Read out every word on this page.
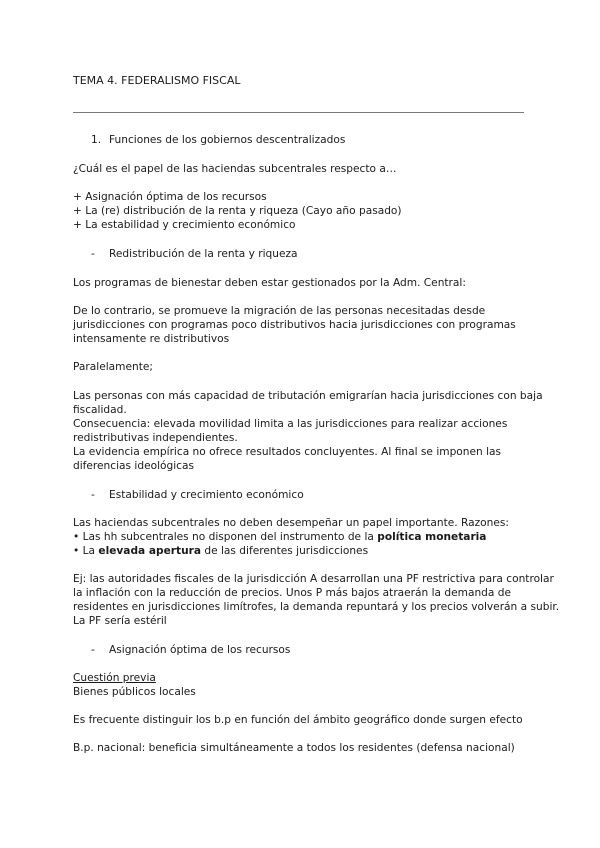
TEMA 4. FEDERALISMO FISCAL
1. Funciones de los gobiernos descentralizados
¿Cuál es el papel de las haciendas subcentrales respecto a…
+ Asignación óptima de los recursos
+ La (re) distribución de la renta y riqueza (Cayo año pasado)
+ La estabilidad y crecimiento económico
- Redistribución de la renta y riqueza
Los programas de bienestar deben estar gestionados por la Adm. Central:
De lo contrario, se promueve la migración de las personas necesitadas desde
jurisdicciones con programas poco distributivos hacia jurisdicciones con programas
intensamente re distributivos
Paralelamente;
Las personas con más capacidad de tributación emigrarían hacia jurisdicciones con baja
fiscalidad.
Consecuencia: elevada movilidad limita a las jurisdicciones para realizar acciones
redistributivas independientes.
La evidencia empírica no ofrece resultados concluyentes. Al final se imponen las
diferencias ideológicas
- Estabilidad y crecimiento económico
Las haciendas subcentrales no deben desempeñar un papel importante. Razones:
• Las hh subcentrales no disponen del instrumento de la política monetaria
• La elevada apertura de las diferentes jurisdicciones
Ej: las autoridades fiscales de la jurisdicción A desarrollan una PF restrictiva para controlar
la inflación con la reducción de precios. Unos P más bajos atraerán la demanda de
residentes en jurisdicciones limítrofes, la demanda repuntará y los precios volverán a subir.
La PF sería estéril
- Asignación óptima de los recursos
Cuestión previa
Bienes públicos locales
Es frecuente distinguir los b.p en función del ámbito geográfico donde surgen efecto
B.p. nacional: beneficia simultáneamente a todos los residentes (defensa nacional)
